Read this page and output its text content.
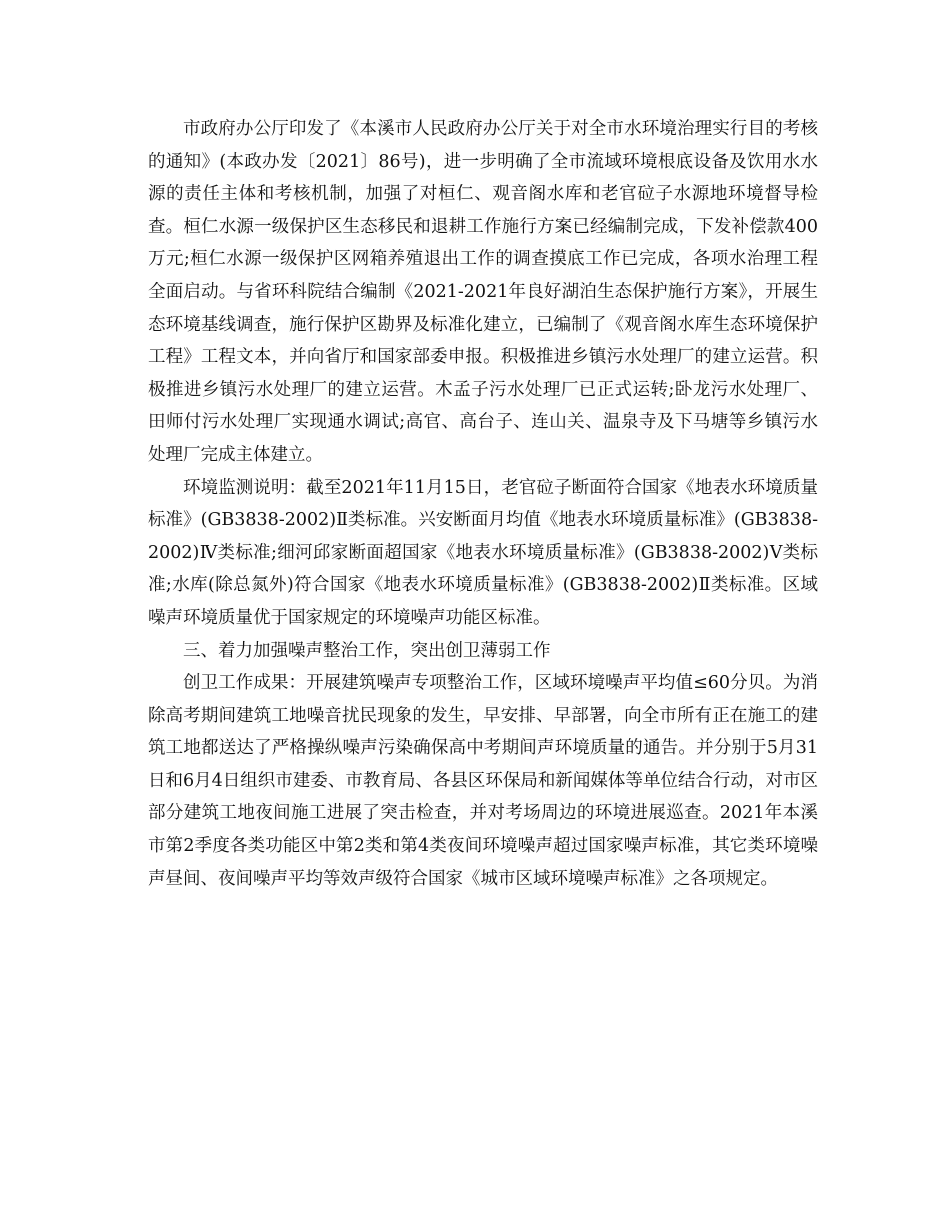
市政府办公厅印发了《本溪市人民政府办公厅关于对全市水环境治理实行目的考核的通知》(本政办发〔2021〕86号)，进一步明确了全市流域环境根底设备及饮用水水源的责任主体和考核机制，加强了对桓仁、观音阁水库和老官砬子水源地环境督导检查。桓仁水源一级保护区生态移民和退耕工作施行方案已经编制完成，下发补偿款400万元;桓仁水源一级保护区网箱养殖退出工作的调查摸底工作已完成，各项水治理工程全面启动。与省环科院结合编制《2021-2021年良好湖泊生态保护施行方案》，开展生态环境基线调查，施行保护区勘界及标准化建立，已编制了《观音阁水库生态环境保护工程》工程文本，并向省厅和国家部委申报。积极推进乡镇污水处理厂的建立运营。积极推进乡镇污水处理厂的建立运营。木孟子污水处理厂已正式运转;卧龙污水处理厂、田师付污水处理厂实现通水调试;高官、高台子、连山关、温泉寺及下马塘等乡镇污水处理厂完成主体建立。

环境监测说明：截至2021年11月15日，老官砬子断面符合国家《地表水环境质量标准》(GB3838-2002)Ⅱ类标准。兴安断面月均值《地表水环境质量标准》(GB3838-2002)Ⅳ类标准;细河邱家断面超国家《地表水环境质量标准》(GB3838-2002)Ⅴ类标准;水库(除总氮外)符合国家《地表水环境质量标准》(GB3838-2002)Ⅱ类标准。区域噪声环境质量优于国家规定的环境噪声功能区标准。

三、着力加强噪声整治工作，突出创卫薄弱工作

创卫工作成果：开展建筑噪声专项整治工作，区域环境噪声平均值≤60分贝。为消除高考期间建筑工地噪音扰民现象的发生，早安排、早部署，向全市所有正在施工的建筑工地都送达了严格操纵噪声污染确保高中考期间声环境质量的通告。并分别于5月31日和6月4日组织市建委、市教育局、各县区环保局和新闻媒体等单位结合行动，对市区部分建筑工地夜间施工进展了突击检查，并对考场周边的环境进展巡查。2021年本溪市第2季度各类功能区中第2类和第4类夜间环境噪声超过国家噪声标准，其它类环境噪声昼间、夜间噪声平均等效声级符合国家《城市区域环境噪声标准》之各项规定。
